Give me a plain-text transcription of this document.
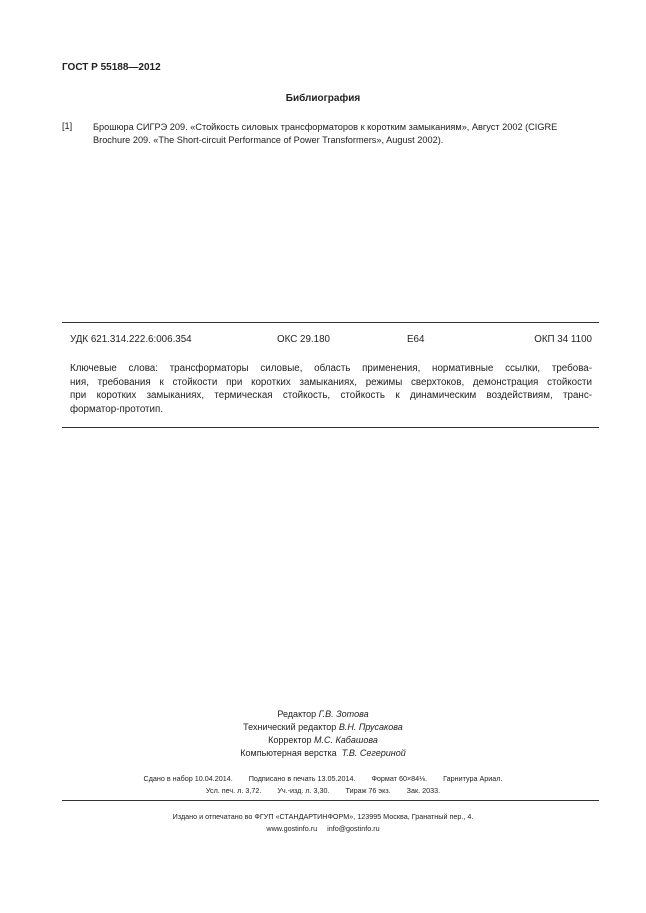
ГОСТ Р 55188—2012
Библиография
[1] Брошюра СИГРЭ 209. «Стойкость силовых трансформаторов к коротким замыканиям», Август 2002 (CIGRE
Brochure 209. «The Short-circuit Performance of Power Transformers», August 2002).
УДК 621.314.222.6:006.354	ОКС 29.180	E64	ОКП 34 1100
Ключевые слова: трансформаторы силовые, область применения, нормативные ссылки, требова-
ния, требования к стойкости при коротких замыканиях, режимы сверхтоков, демонстрация стойкости
при коротких замыканиях, термическая стойкость, стойкость к динамическим воздействиям, транс-
форматор-прототип.
Редактор Г.В. Зотова
Технический редактор В.Н. Прусакова
Корректор М.С. Кабашова
Компьютерная верстка Т.В. Сегериной
Сдано в набор 10.04.2014. Подписано в печать 13.05.2014. Формат 60×84⅛. Гарнитура Ариал.
Усл. печ. л. 3,72. Уч.-изд. л. 3,30. Тираж 76 экз. Зак. 2033.
Издано и отпечатано во ФГУП «СТАНДАРТИНФОРМ», 123995 Москва, Гранатный пер., 4.
www.gostinfo.ru info@gostinfo.ru
